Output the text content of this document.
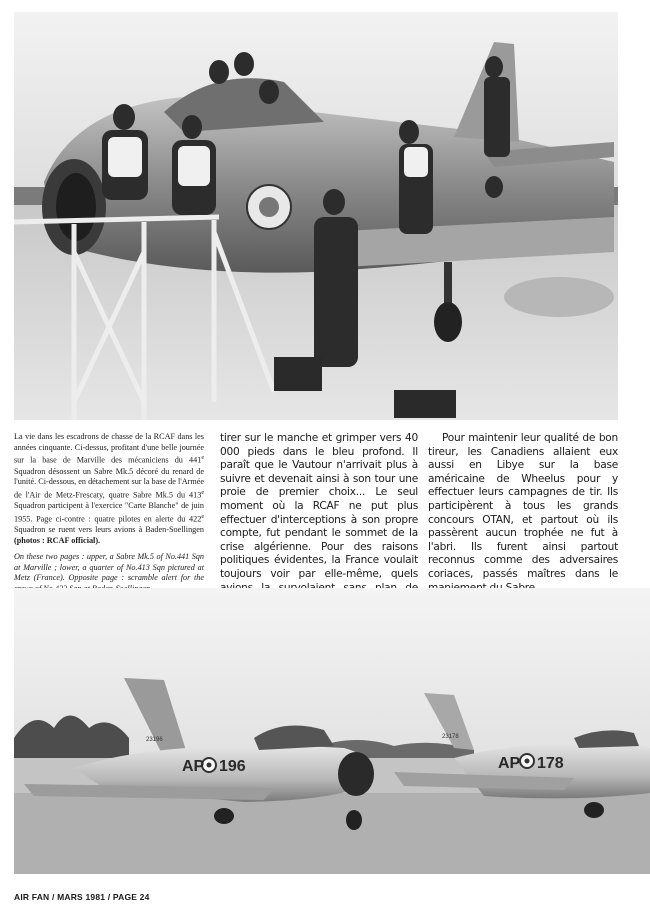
La vie dans les escadrons de chasse de la RCAF dans les années cinquante. Ci-dessus, profitant d'une belle journée sur la base de Marville des mécaniciens du 441e Squadron désossent un Sabre Mk.5 décoré du renard de l'unité. Ci-dessous, en détachement sur la base de l'Armée de l'Air de Metz-Frescaty, quatre Sabre Mk.5 du 413e Squadron participent à l'exercice "Carte Blanche" de juin 1955. Page ci-contre : quatre pilotes en alerte du 422e Squadron se ruent vers leurs avions à Baden-Soellingen (photos : RCAF official).

On these two pages : upper, a Sabre Mk.5 of No.441 Sqn at Marville ; lower, a quarter of No.413 Sqn pictured at Metz (France). Opposite page : scramble alert for the

tirer sur le manche et grimper vers 40 000 pieds dans le bleu profond. Il paraît que le Vautour n'arrivait plus à suivre et devenait ainsi à son tour une proie de premier choix... Le seul moment où la RCAF ne put plus effectuer d'interceptions à son propre compte, fut pendant le sommet de la crise algérienne. Pour des raisons politiques évidentes, la France voulait toujours voir par elle-même, quels

Pour maintenir leur qualité de bon tireur, les Canadiens allaient eux aussi en Libye sur la base américaine de Wheelus pour y effectuer leurs campagnes de tir. Ils participèrent à tous les grands concours OTAN, et partout où ils passèrent aucun trophée ne fut à l'abri. Ils furent ainsi partout reconnus comme des adversaires coriaces, passés maîtres dans le

AP 196
23196
AP 178
23178
AIR FAN / MARS 1981 / PAGE 24
